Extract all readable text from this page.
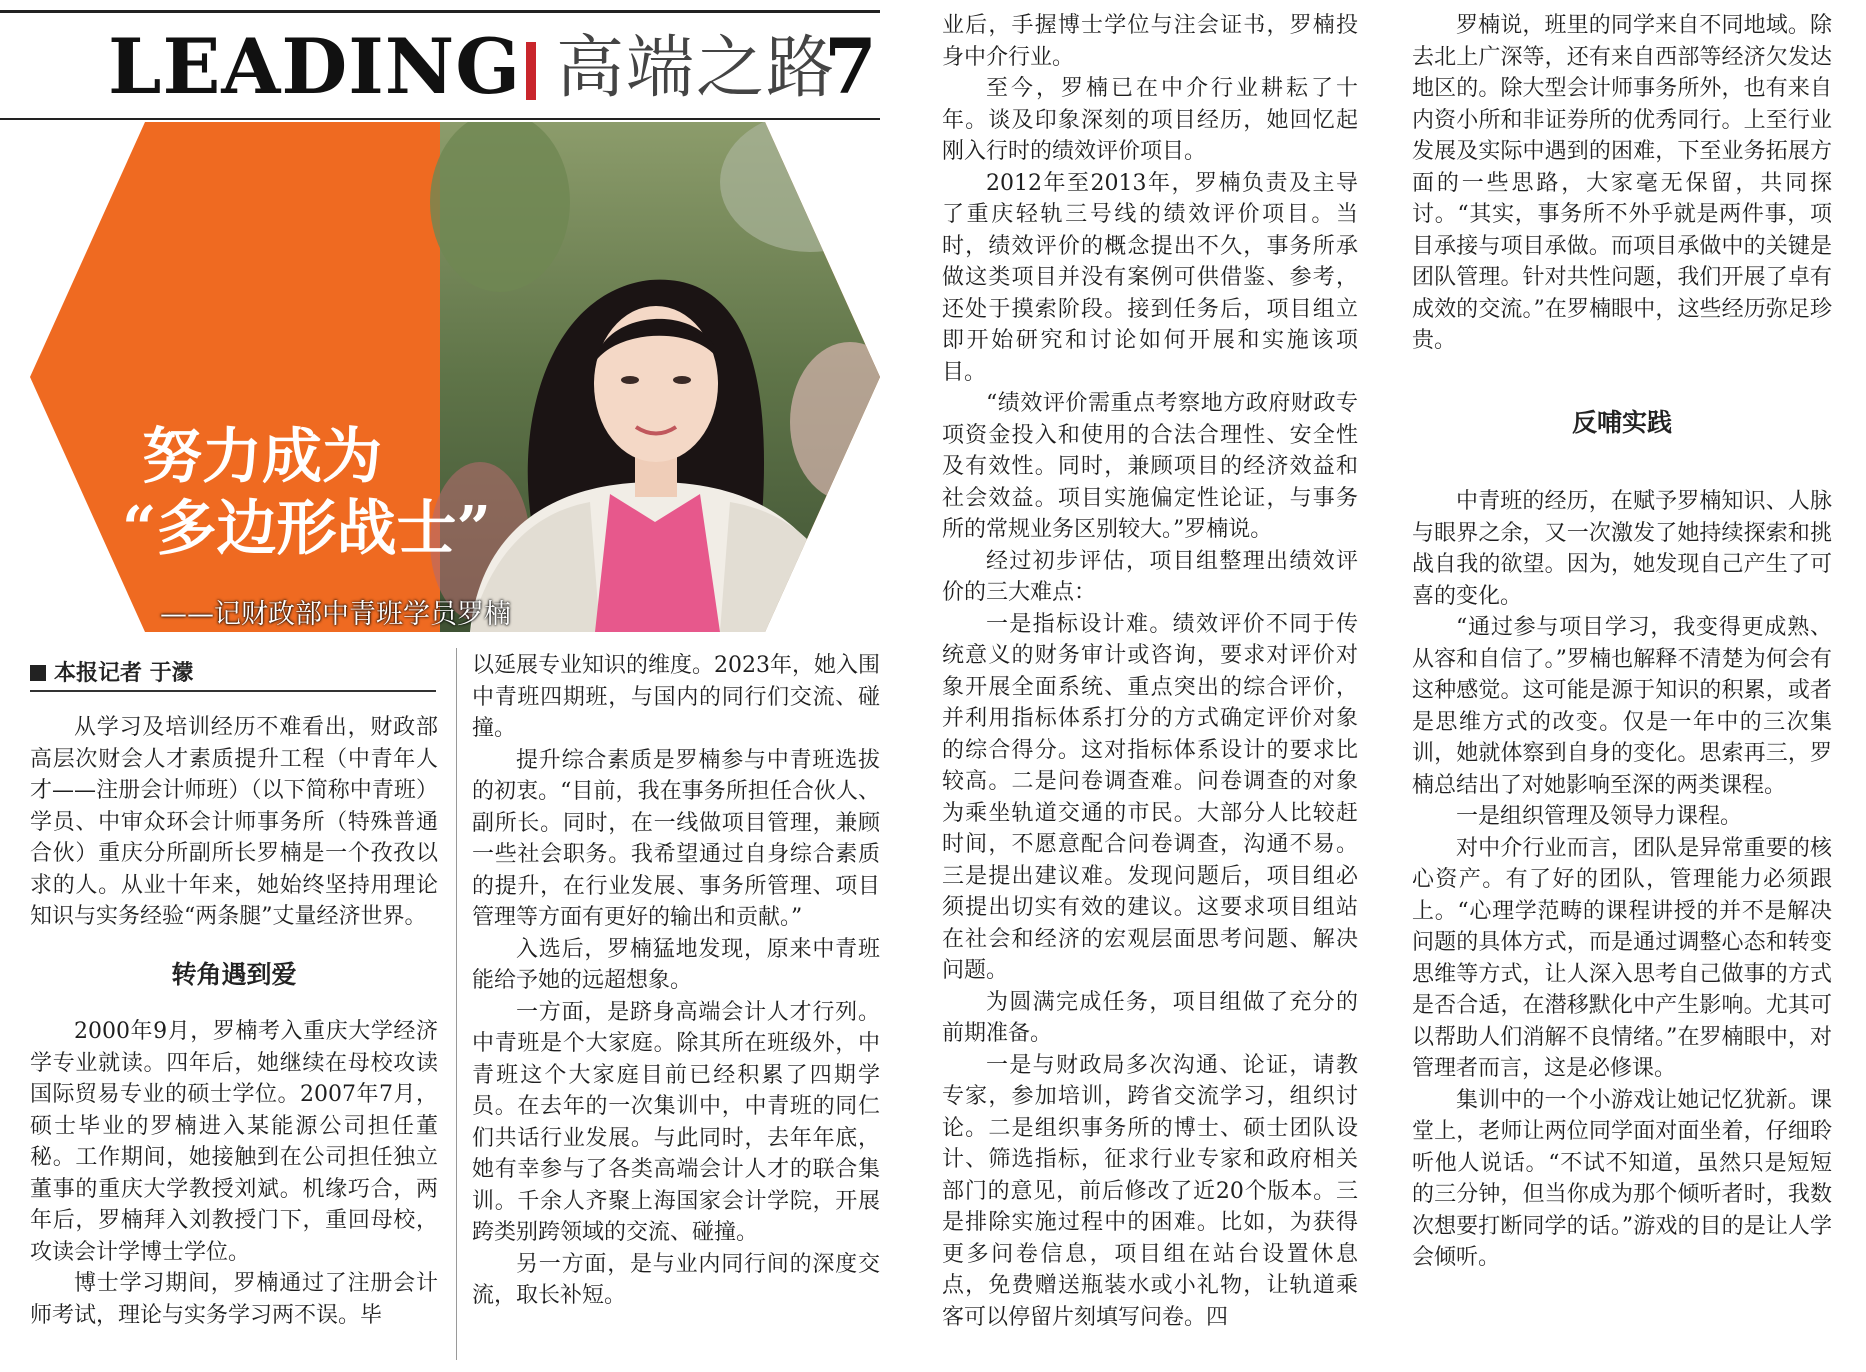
LEADING 高端之路
7
努力成为
“多边形战士”
——记财政部中青班学员罗楠
本报记者 于濛

从学习及培训经历不难看出，财政部高层次财会人才素质提升工程（中青年人才——注册会计师班）（以下简称中青班）学员、中审众环会计师事务所（特殊普通合伙）重庆分所副所长罗楠是一个孜孜以求的人。从业十年来，她始终坚持用理论知识与实务经验“两条腿”丈量经济世界。

转角遇到爱

2000年9月，罗楠考入重庆大学经济学专业就读。四年后，她继续在母校攻读国际贸易专业的硕士学位。2007年7月，硕士毕业的罗楠进入某能源公司担任董秘。工作期间，她接触到在公司担任独立董事的重庆大学教授刘斌。机缘巧合，两年后，罗楠拜入刘教授门下，重回母校，攻读会计学博士学位。

博士学习期间，罗楠通过了注册会计师考试，理论与实务学习两不误。毕

以延展专业知识的维度。2023年，她入围中青班四期班，与国内的同行们交流、碰撞。

提升综合素质是罗楠参与中青班选拔的初衷。“目前，我在事务所担任合伙人、副所长。同时，在一线做项目管理，兼顾一些社会职务。我希望通过自身综合素质的提升，在行业发展、事务所管理、项目管理等方面有更好的输出和贡献。”

入选后，罗楠猛地发现，原来中青班能给予她的远超想象。

一方面，是跻身高端会计人才行列。中青班是个大家庭。除其所在班级外，中青班这个大家庭目前已经积累了四期学员。在去年的一次集训中，中青班的同仁们共话行业发展。与此同时，去年年底，她有幸参与了各类高端会计人才的联合集训。千余人齐聚上海国家会计学院，开展跨类别跨领域的交流、碰撞。

另一方面，是与业内同行间的深度交流，取长补短。

业后，手握博士学位与注会证书，罗楠投身中介行业。

至今，罗楠已在中介行业耕耘了十年。谈及印象深刻的项目经历，她回忆起刚入行时的绩效评价项目。

2012年至2013年，罗楠负责及主导了重庆轻轨三号线的绩效评价项目。当时，绩效评价的概念提出不久，事务所承做这类项目并没有案例可供借鉴、参考，还处于摸索阶段。接到任务后，项目组立即开始研究和讨论如何开展和实施该项目。

“绩效评价需重点考察地方政府财政专项资金投入和使用的合法合理性、安全性及有效性。同时，兼顾项目的经济效益和社会效益。项目实施偏定性论证，与事务所的常规业务区别较大。”罗楠说。

经过初步评估，项目组整理出绩效评价的三大难点：

一是指标设计难。绩效评价不同于传统意义的财务审计或咨询，要求对评价对象开展全面系统、重点突出的综合评价，并利用指标体系打分的方式确定评价对象的综合得分。这对指标体系设计的要求比较高。二是问卷调查难。问卷调查的对象为乘坐轨道交通的市民。大部分人比较赶时间，不愿意配合问卷调查，沟通不易。三是提出建议难。发现问题后，项目组必须提出切实有效的建议。这要求项目组站在社会和经济的宏观层面思考问题、解决问题。

为圆满完成任务，项目组做了充分的前期准备。

一是与财政局多次沟通、论证，请教专家，参加培训，跨省交流学习，组织讨论。二是组织事务所的博士、硕士团队设计、筛选指标，征求行业专家和政府相关部门的意见，前后修改了近20个版本。三是排除实施过程中的困难。比如，为获得更多问卷信息，项目组在站台设置休息点，免费赠送瓶装水或小礼物，让轨道乘客可以停留片刻填写问卷。四

罗楠说，班里的同学来自不同地域。除去北上广深等，还有来自西部等经济欠发达地区的。除大型会计师事务所外，也有来自内资小所和非证券所的优秀同行。上至行业发展及实际中遇到的困难，下至业务拓展方面的一些思路，大家毫无保留，共同探讨。“其实，事务所不外乎就是两件事，项目承接与项目承做。而项目承做中的关键是团队管理。针对共性问题，我们开展了卓有成效的交流。”在罗楠眼中，这些经历弥足珍贵。

反哺实践

中青班的经历，在赋予罗楠知识、人脉与眼界之余，又一次激发了她持续探索和挑战自我的欲望。因为，她发现自己产生了可喜的变化。

“通过参与项目学习，我变得更成熟、从容和自信了。”罗楠也解释不清楚为何会有这种感觉。这可能是源于知识的积累，或者是思维方式的改变。仅是一年中的三次集训，她就体察到自身的变化。思索再三，罗楠总结出了对她影响至深的两类课程。

一是组织管理及领导力课程。

对中介行业而言，团队是异常重要的核心资产。有了好的团队，管理能力必须跟上。“心理学范畴的课程讲授的并不是解决问题的具体方式，而是通过调整心态和转变思维等方式，让人深入思考自己做事的方式是否合适，在潜移默化中产生影响。尤其可以帮助人们消解不良情绪。”在罗楠眼中，对管理者而言，这是必修课。

集训中的一个小游戏让她记忆犹新。课堂上，老师让两位同学面对面坐着，仔细聆听他人说话。“不试不知道，虽然只是短短的三分钟，但当你成为那个倾听者时，我数次想要打断同学的话。”游戏的目的是让人学会倾听。
